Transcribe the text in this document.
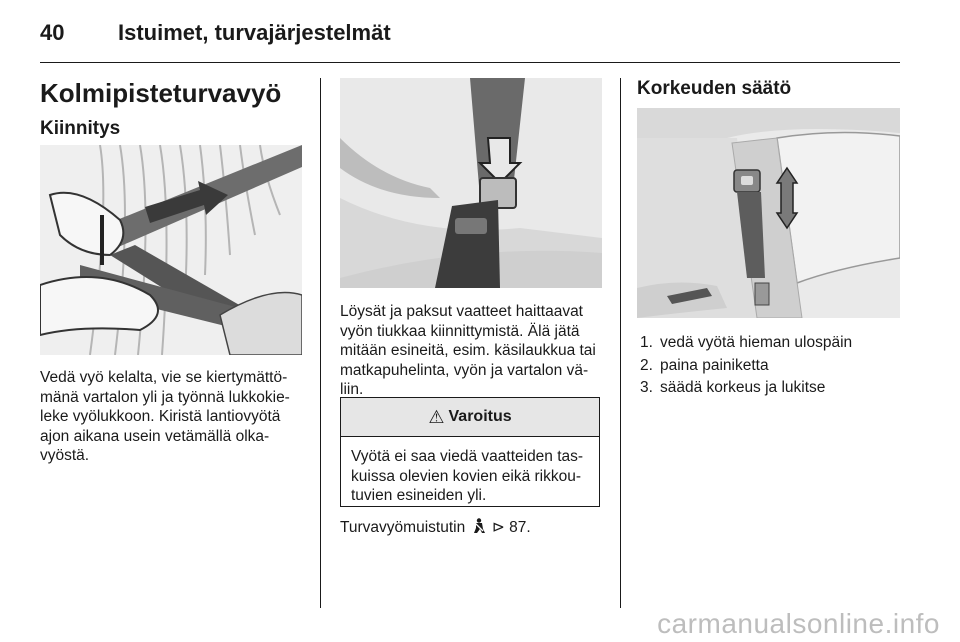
40 Istuimet, turvajärjestelmät
Kolmipisteturvavyö
Kiinnitys
Vedä vyö kelalta, vie se kiertymättö-
mänä vartalon yli ja työnnä lukkokie-
leke vyölukkoon. Kiristä lantiovyötä
ajon aikana usein vetämällä olka-
vyöstä.
Löysät ja paksut vaatteet haittaavat
vyön tiukkaa kiinnittymistä. Älä jätä
mitään esineitä, esim. käsilaukkua tai
matkapuhelinta, vyön ja vartalon vä-
liin.
⚠ Varoitus
Vyötä ei saa viedä vaatteiden tas-
kuissa olevien kovien eikä rikkou-
tuvien esineiden yli.
Turvavyömuistutin ⊳ 87.
Korkeuden säätö
1. vedä vyötä hieman ulospäin
2. paina painiketta
3. säädä korkeus ja lukitse
carmanualsonline.info
